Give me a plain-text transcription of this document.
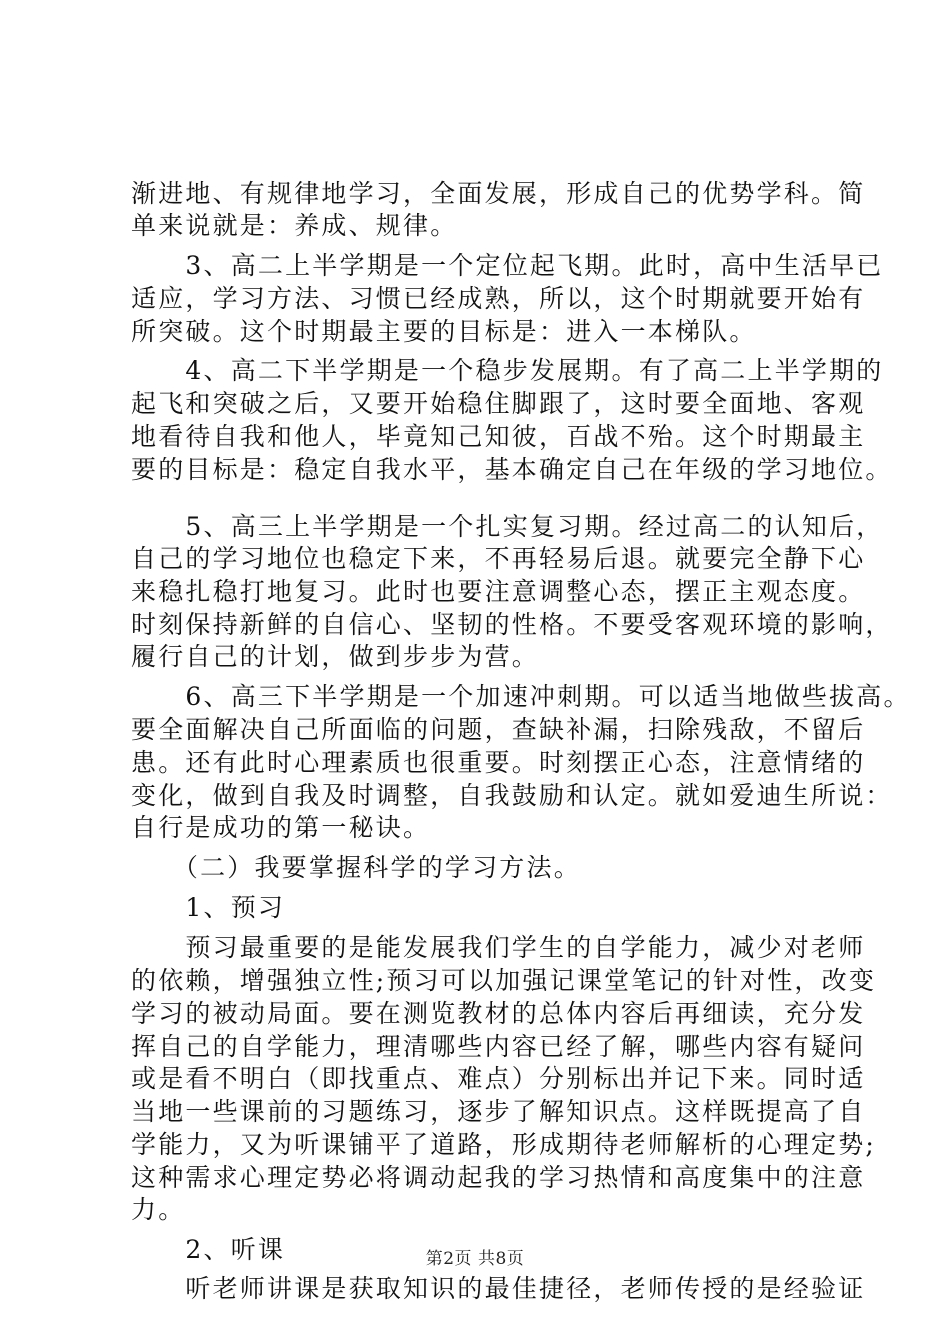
渐进地、有规律地学习，全面发展，形成自己的优势学科。简
单来说就是：养成、规律。
　　3、高二上半学期是一个定位起飞期。此时，高中生活早已
适应，学习方法、习惯已经成熟，所以，这个时期就要开始有
所突破。这个时期最主要的目标是：进入一本梯队。
　　4、高二下半学期是一个稳步发展期。有了高二上半学期的
起飞和突破之后，又要开始稳住脚跟了，这时要全面地、客观
地看待自我和他人，毕竟知己知彼，百战不殆。这个时期最主
要的目标是：稳定自我水平，基本确定自己在年级的学习地位。
　　5、高三上半学期是一个扎实复习期。经过高二的认知后，
自己的学习地位也稳定下来，不再轻易后退。就要完全静下心
来稳扎稳打地复习。此时也要注意调整心态，摆正主观态度。
时刻保持新鲜的自信心、坚韧的性格。不要受客观环境的影响，
履行自己的计划，做到步步为营。
　　6、高三下半学期是一个加速冲刺期。可以适当地做些拔高。
要全面解决自己所面临的问题，查缺补漏，扫除残敌，不留后
患。还有此时心理素质也很重要。时刻摆正心态，注意情绪的
变化，做到自我及时调整，自我鼓励和认定。就如爱迪生所说：
自行是成功的第一秘诀。
　　（二）我要掌握科学的学习方法。
　　1、预习
　　预习最重要的是能发展我们学生的自学能力，减少对老师
的依赖，增强独立性;预习可以加强记课堂笔记的针对性，改变
学习的被动局面。要在测览教材的总体内容后再细读，充分发
挥自己的自学能力，理清哪些内容已经了解，哪些内容有疑问
或是看不明白（即找重点、难点）分别标出并记下来。同时适
当地一些课前的习题练习，逐步了解知识点。这样既提高了自
学能力，又为听课铺平了道路，形成期待老师解析的心理定势;
这种需求心理定势必将调动起我的学习热情和高度集中的注意
力。
　　2、听课
　　听老师讲课是获取知识的最佳捷径，老师传授的是经验证
第2页 共8页
